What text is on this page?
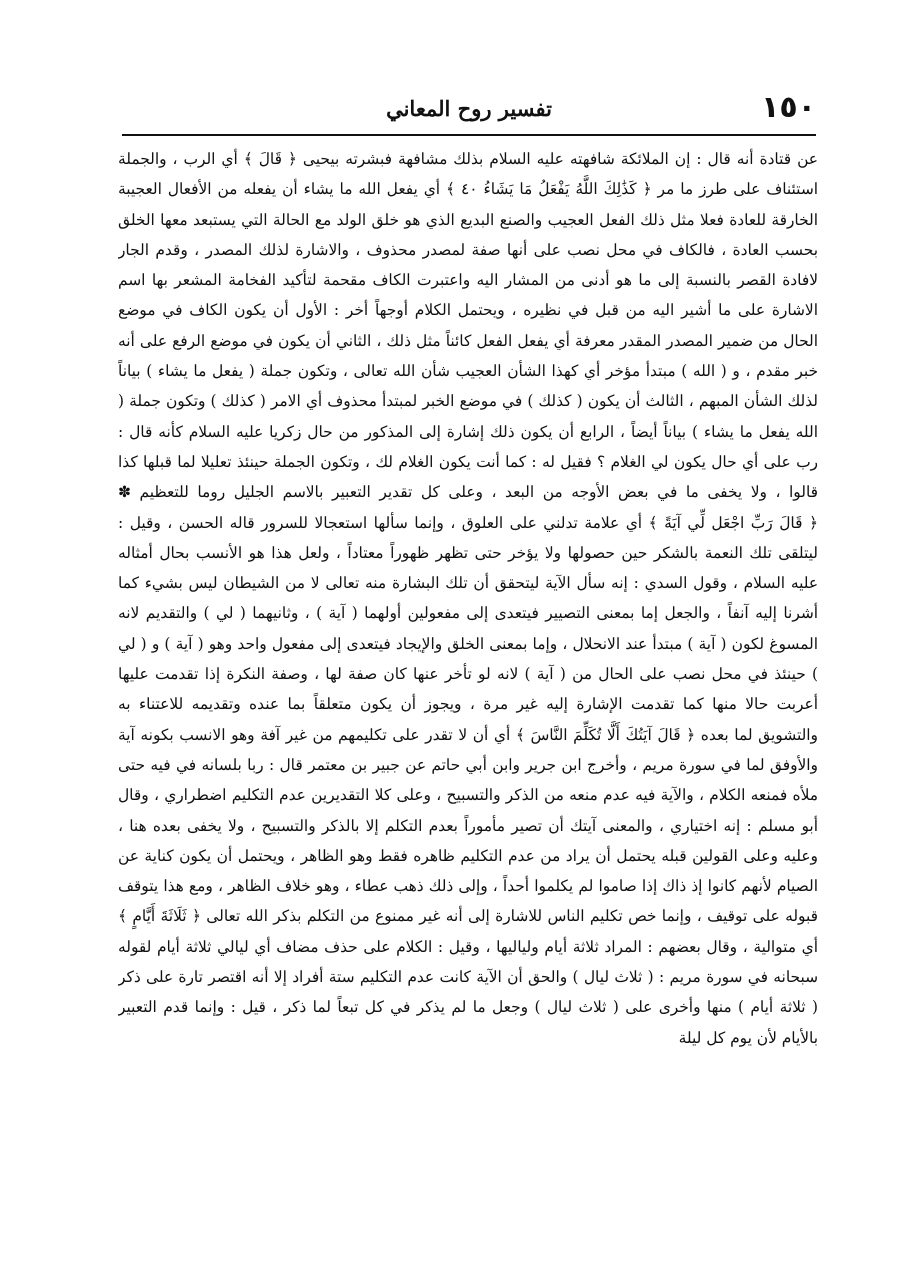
١٥٠
تفسير روح المعاني

عن قتادة أنه قال : إن الملائكة شافهته عليه السلام بذلك مشافهة فبشرته بيحيى ﴿ قَالَ ﴾ أي الرب ، والجملة استئناف على طرز ما مر ﴿ كَذَٰلِكَ اللَّهُ يَفْعَلُ مَا يَشَاءُ ٤٠ ﴾ أي يفعل الله ما يشاء أن يفعله من الأفعال العجيبة الخارقة للعادة فعلا مثل ذلك الفعل العجيب والصنع البديع الذي هو خلق الولد مع الحالة التي يستبعد معها الخلق بحسب العادة ، فالكاف في محل نصب على أنها صفة لمصدر محذوف ، والاشارة لذلك المصدر ، وقدم الجار لافادة القصر بالنسبة إلى ما هو أدنى من المشار اليه واعتبرت الكاف مقحمة لتأكيد الفخامة المشعر بها اسم الاشارة على ما أشير اليه من قبل في نظيره ، ويحتمل الكلام أوجهاً أخر : الأول أن يكون الكاف في موضع الحال من ضمير المصدر المقدر معرفة أي يفعل الفعل كائناً مثل ذلك ، الثاني أن يكون في موضع الرفع على أنه خبر مقدم ، و ( الله ) مبتدأ مؤخر أي كهذا الشأن العجيب شأن الله تعالى ، وتكون جملة ( يفعل ما يشاء ) بياناً لذلك الشأن المبهم ، الثالث أن يكون ( كذلك ) في موضع الخبر لمبتدأ محذوف أي الامر ( كذلك ) وتكون جملة ( الله يفعل ما يشاء ) بياناً أيضاً ، الرابع أن يكون ذلك إشارة إلى المذكور من حال زكريا عليه السلام كأنه قال : رب على أي حال يكون لي الغلام ؟ فقيل له : كما أنت يكون الغلام لك ، وتكون الجملة حينئذ تعليلا لما قبلها كذا قالوا ، ولا يخفى ما في بعض الأوجه من البعد ، وعلى كل تقدير التعبير بالاسم الجليل روما للتعظيم ✽

﴿ قَالَ رَبِّ اجْعَل لِّي آيَةً ﴾ أي علامة تدلني على العلوق ، وإنما سألها استعجالا للسرور قاله الحسن ، وقيل : ليتلقى تلك النعمة بالشكر حين حصولها ولا يؤخر حتى تظهر ظهوراً معتاداً ، ولعل هذا هو الأنسب بحال أمثاله عليه السلام ، وقول السدي : إنه سأل الآية ليتحقق أن تلك البشارة منه تعالى لا من الشيطان ليس بشيء كما أشرنا إليه آنفاً ، والجعل إما بمعنى التصيير فيتعدى إلى مفعولين أولهما ( آية ) ، وثانيهما ( لي ) والتقديم لانه المسوغ لكون ( آية ) مبتدأ عند الانحلال ، وإما بمعنى الخلق والإيجاد فيتعدى إلى مفعول واحد وهو ( آية ) و ( لي ) حينئذ في محل نصب على الحال من ( آية ) لانه لو تأخر عنها كان صفة لها ، وصفة النكرة إذا تقدمت عليها أعربت حالا منها كما تقدمت الإشارة إليه غير مرة ، ويجوز أن يكون متعلقاً بما عنده وتقديمه للاعتناء به والتشويق لما بعده ﴿ قَالَ آيَتُكَ أَلَّا تُكَلِّمَ النَّاسَ ﴾ أي أن لا تقدر على تكليمهم من غير آفة وهو الانسب بكونه آية والأوفق لما في سورة مريم ، وأخرج ابن جرير وابن أبي حاتم عن جبير بن معتمر قال : ربا بلسانه في فيه حتى ملأه فمنعه الكلام ، والآية فيه عدم منعه من الذكر والتسبيح ، وعلى كلا التقديرين عدم التكليم اضطراري ، وقال أبو مسلم : إنه اختياري ، والمعنى آيتك أن تصير مأموراً بعدم التكلم إلا بالذكر والتسبيح ، ولا يخفى بعده هنا ، وعليه وعلى القولين قبله يحتمل أن يراد من عدم التكليم ظاهره فقط وهو الظاهر ، ويحتمل أن يكون كناية عن الصيام لأنهم كانوا إذ ذاك إذا صاموا لم يكلموا أحداً ، وإلى ذلك ذهب عطاء ، وهو خلاف الظاهر ، ومع هذا يتوقف قبوله على توقيف ، وإنما خص تكليم الناس للاشارة إلى أنه غير ممنوع من التكلم بذكر الله تعالى ﴿ ثَلَاثَةَ أَيَّامٍ ﴾ أي متوالية ، وقال بعضهم : المراد ثلاثة أيام ولياليها ، وقيل : الكلام على حذف مضاف أي ليالي ثلاثة أيام لقوله سبحانه في سورة مريم : ( ثلاث ليال ) والحق أن الآية كانت عدم التكليم ستة أفراد إلا أنه اقتصر تارة على ذكر ( ثلاثة أيام ) منها وأخرى على ( ثلاث ليال ) وجعل ما لم يذكر في كل تبعاً لما ذكر ، قيل : وإنما قدم التعبير بالأيام لأن يوم كل ليلة
